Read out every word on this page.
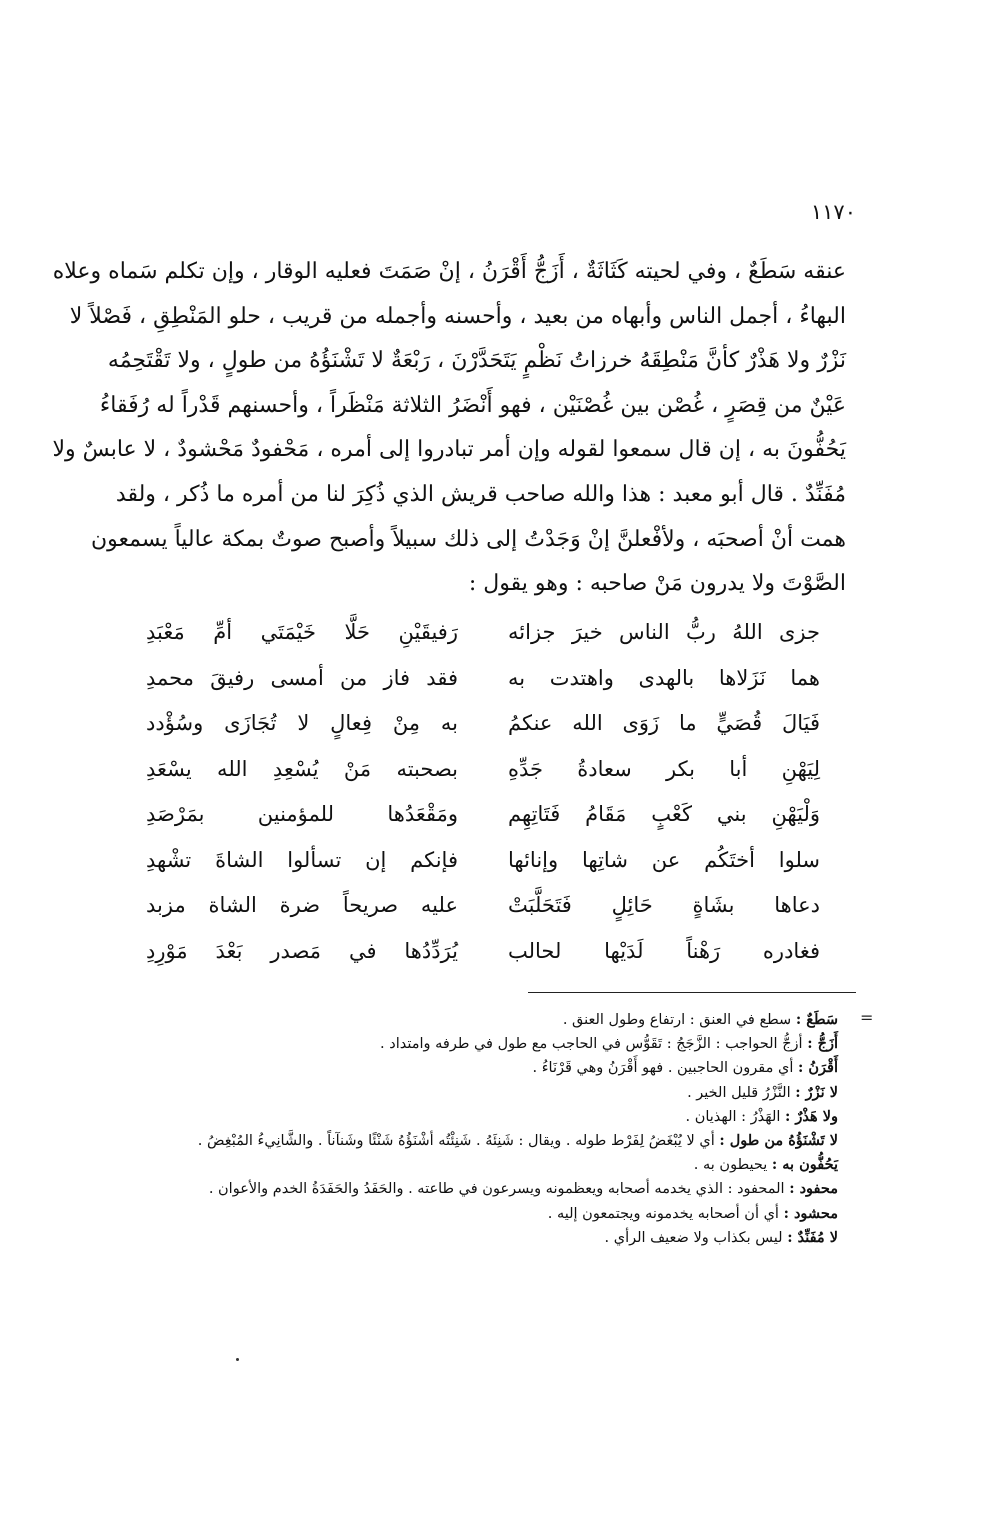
١١٧٠
عنقه سَطَعٌ ، وفي لحيته كَثَاثَةٌ ، أَزَجُّ أَقْرَنُ ، إنْ صَمَتَ فعليه الوقار ، وإن تكلم سَماه وعلاه
البهاءُ ، أجمل الناس وأبهاه من بعيد ، وأحسنه وأجمله من قريب ، حلو المَنْطِقِ ، فَصْلاً لا
نَزْرٌ ولا هَذْرٌ كأنَّ مَنْطِقَهُ خرزاتُ نَظْمٍ يَتَحَدَّرْنَ ، رَبْعَةٌ لا تَشْنَؤُهُ من طولٍ ، ولا تَقْتَحِمُه
عَيْنٌ من قِصَرٍ ، غُصْن بين غُصْنَيْن ، فهو أَنْضَرُ الثلاثة مَنْظَراً ، وأحسنهم قَدْراً له رُفَقاءُ
يَحُفُّونَ به ، إن قال سمعوا لقوله وإن أمر تبادروا إلى أمره ، مَحْفودٌ مَحْشودٌ ، لا عابسٌ ولا
مُفَنِّدٌ . قال أبو معبد : هذا والله صاحب قريش الذي ذُكِرَ لنا من أمره ما ذُكر ، ولقد
همت أنْ أصحبَه ، ولأفْعلنَّ إنْ وَجَدْتُ إلى ذلك سبيلاً وأصبح صوتٌ بمكة عالياً يسمعون
الصَّوْتَ ولا يدرون مَنْ صاحبه : وهو يقول :
جزى اللهُ ربُّ الناس خيرَ جزائه
رَفيقَيْنِ حَلَّا خَيْمَتَي أمِّ مَعْبَدِ
هما نَزَلاها بالهدى واهتدت به
فقد فاز من أمسى رفيقَ محمدِ
فَيَالَ قُصَيٍّ ما زَوَى الله عنكمُ
به مِنْ فِعالٍ لا تُجَازَى وسُؤْدد
لِيَهْنِ أبا بكر سعادةُ جَدِّهِ
بصحبته مَنْ يُسْعِدِ الله يسْعَدِ
وَلْيَهْنِ بني كَعْبٍ مَقَامُ فَتَاتِهِم
ومَقْعَدُها للمؤمنين بمَرْصَدِ
سلوا أختَكُم عن شاتِها وإنائها
فإنكم إن تسألوا الشاةَ تشْهدِ
دعاها بشَاةٍ حَائِلٍ فَتَحَلَّبَتْ
عليه صريحاً ضرة الشاة مزبد
فغادره رَهْناً لَدَيْها لحالب
يُرَدِّدُها في مَصدر بَعْدَ مَوْرِدِ
=
سَطَعٌ : سطع في العنق : ارتفاع وطول العنق .
أَزَجُّ : أزجُّ الحواجب : الزَّجَجُ : تَقَوُّس في الحاجب مع طول في طرفه وامتداد .
أَقْرَنُ : أي مقرون الحاجبين . فهو أَقْرَنُ وهي قَرْنَاءُ .
لا نَزْرٌ : النَّزْرُ قليل الخير .
ولا هَذْرٌ : الهَذْرُ : الهذيان .
لا تَشْنَؤُهُ من طول : أي لا يُبْغَضُ لِفَرْط طوله . ويقال : شَنِئَهُ . شَنِئْتُه أشْنَؤُهُ شَنْئًا وشَنآناً . والشَّانِيءُ المُبْغِضُ .
يَحُفُّون به : يحيطون به .
محفود : المحفود : الذي يخدمه أصحابه ويعظمونه ويسرعون في طاعته . والحَفَدُ والحَفَدَةُ الخدم والأعوان .
محشود : أي أن أصحابه يخدمونه ويجتمعون إليه .
لا مُفَنِّدٌ : ليس بكذاب ولا ضعيف الرأي .
